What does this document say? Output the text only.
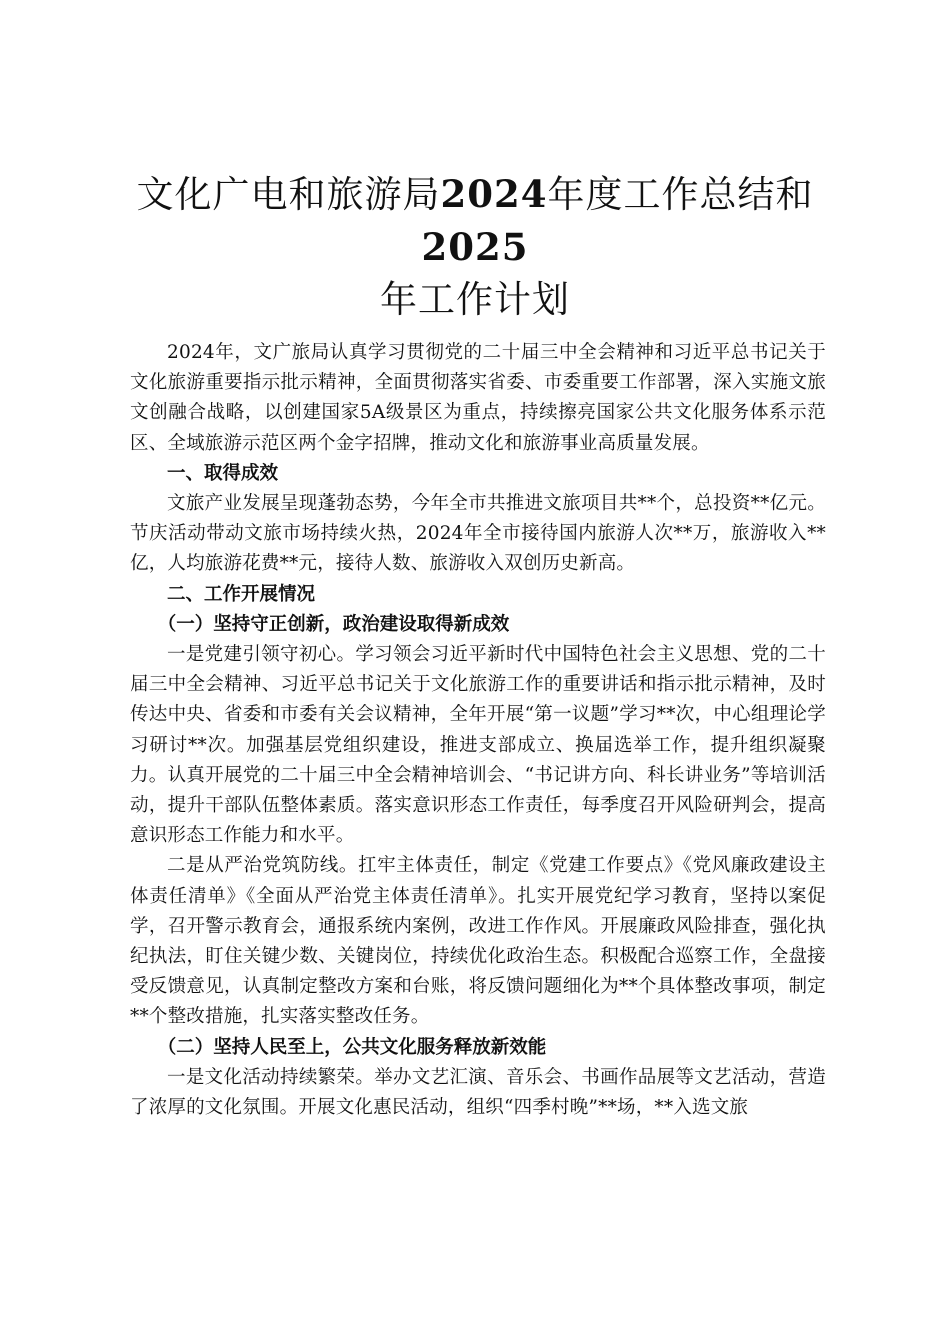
文化广电和旅游局2024年度工作总结和2025
年工作计划

2024年，文广旅局认真学习贯彻党的二十届三中全会精神和习近平总书记关于文化旅游重要指示批示精神，全面贯彻落实省委、市委重要工作部署，深入实施文旅文创融合战略，以创建国家5A级景区为重点，持续擦亮国家公共文化服务体系示范区、全域旅游示范区两个金字招牌，推动文化和旅游事业高质量发展。

一、取得成效

文旅产业发展呈现蓬勃态势，今年全市共推进文旅项目共**个，总投资**亿元。节庆活动带动文旅市场持续火热，2024年全市接待国内旅游人次**万，旅游收入**亿，人均旅游花费**元，接待人数、旅游收入双创历史新高。

二、工作开展情况

（一）坚持守正创新，政治建设取得新成效

一是党建引领守初心。学习领会习近平新时代中国特色社会主义思想、党的二十届三中全会精神、习近平总书记关于文化旅游工作的重要讲话和指示批示精神，及时传达中央、省委和市委有关会议精神，全年开展“第一议题”学习**次，中心组理论学习研讨**次。加强基层党组织建设，推进支部成立、换届选举工作，提升组织凝聚力。认真开展党的二十届三中全会精神培训会、“书记讲方向、科长讲业务”等培训活动，提升干部队伍整体素质。落实意识形态工作责任，每季度召开风险研判会，提高意识形态工作能力和水平。

二是从严治党筑防线。扛牢主体责任，制定《党建工作要点》《党风廉政建设主体责任清单》《全面从严治党主体责任清单》。扎实开展党纪学习教育，坚持以案促学，召开警示教育会，通报系统内案例，改进工作作风。开展廉政风险排查，强化执纪执法，盯住关键少数、关键岗位，持续优化政治生态。积极配合巡察工作，全盘接受反馈意见，认真制定整改方案和台账，将反馈问题细化为**个具体整改事项，制定**个整改措施，扎实落实整改任务。

（二）坚持人民至上，公共文化服务释放新效能

一是文化活动持续繁荣。举办文艺汇演、音乐会、书画作品展等文艺活动，营造了浓厚的文化氛围。开展文化惠民活动，组织“四季村晚”**场，**入选文旅
